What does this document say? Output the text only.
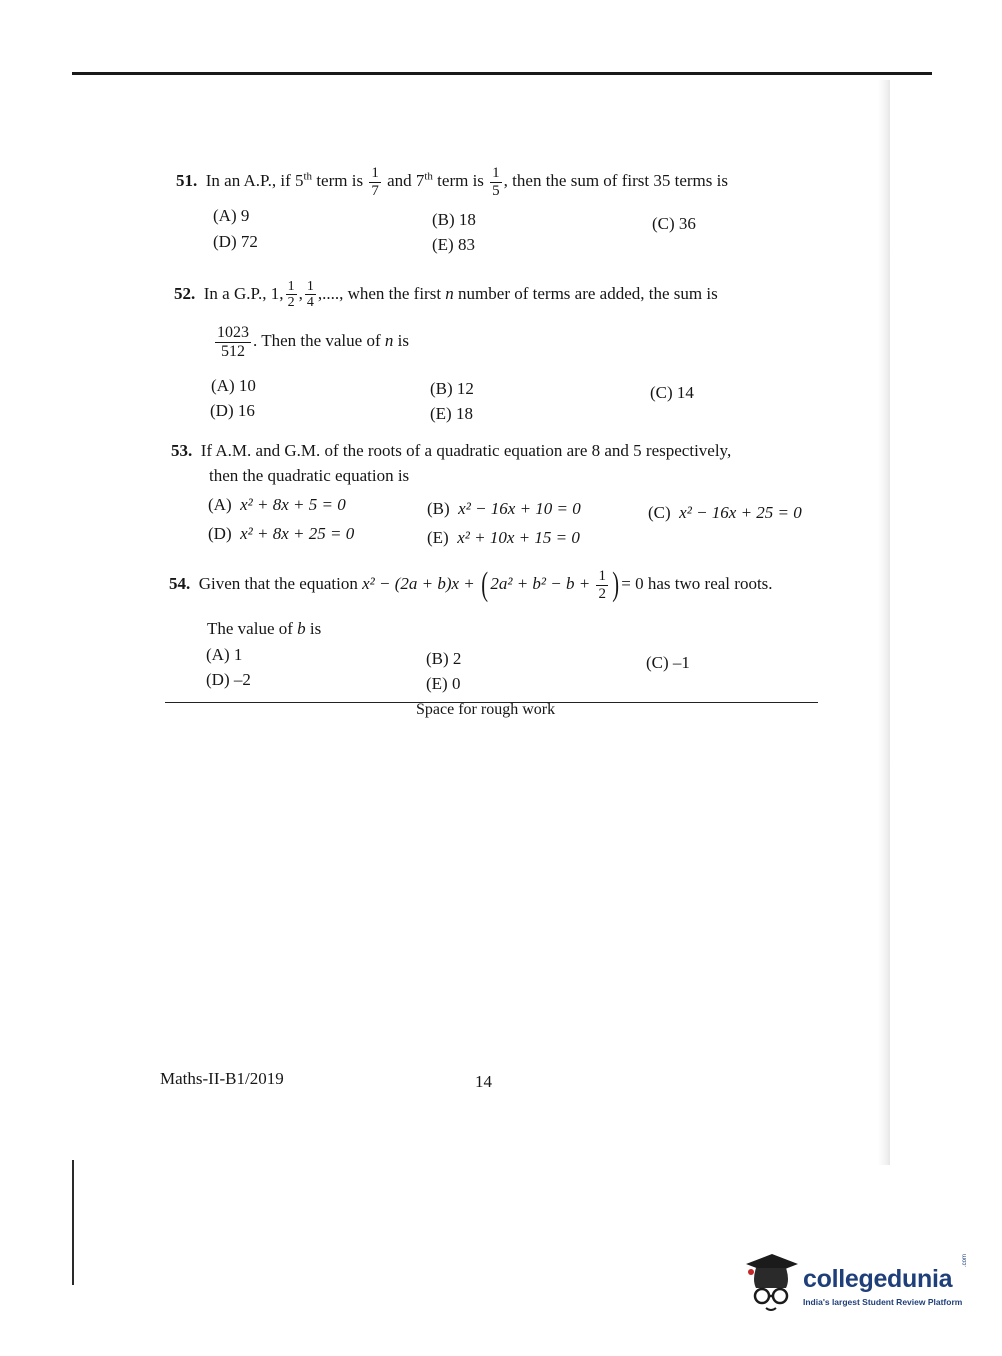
51. In an A.P., if 5th term is $\frac{1}{7}$ and 7th term is $\frac{1}{5}$ , then the sum of first 35 terms is
(A) 9	(B) 18	(C) 36
(D) 72	(E) 83
52. In a G.P., 1, $\frac{1}{2}$ , $\frac{1}{4}$ ,...., when the first n number of terms are added, the sum is
$\frac{1023}{512}$ . Then the value of n is
(A) 10	(B) 12	(C) 14
(D) 16	(E) 18
53. If A.M. and G.M. of the roots of a quadratic equation are 8 and 5 respectively,
then the quadratic equation is
(A) x² + 8x + 5 = 0	(B) x² − 16x + 10 = 0	(C) x² − 16x + 25 = 0
(D) x² + 8x + 25 = 0	(E) x² + 10x + 15 = 0
54. Given that the equation x² − (2a + b)x + ( $2a^2 + b^2 - b + \frac{1}{2}$ ) = 0 has two real roots.
The value of b is
(A) 1	(B) 2	(C) –1
(D) –2	(E) 0
Space for rough work
Maths-II-B1/2019	14
collegedunia
.com
India's largest Student Review Platform
